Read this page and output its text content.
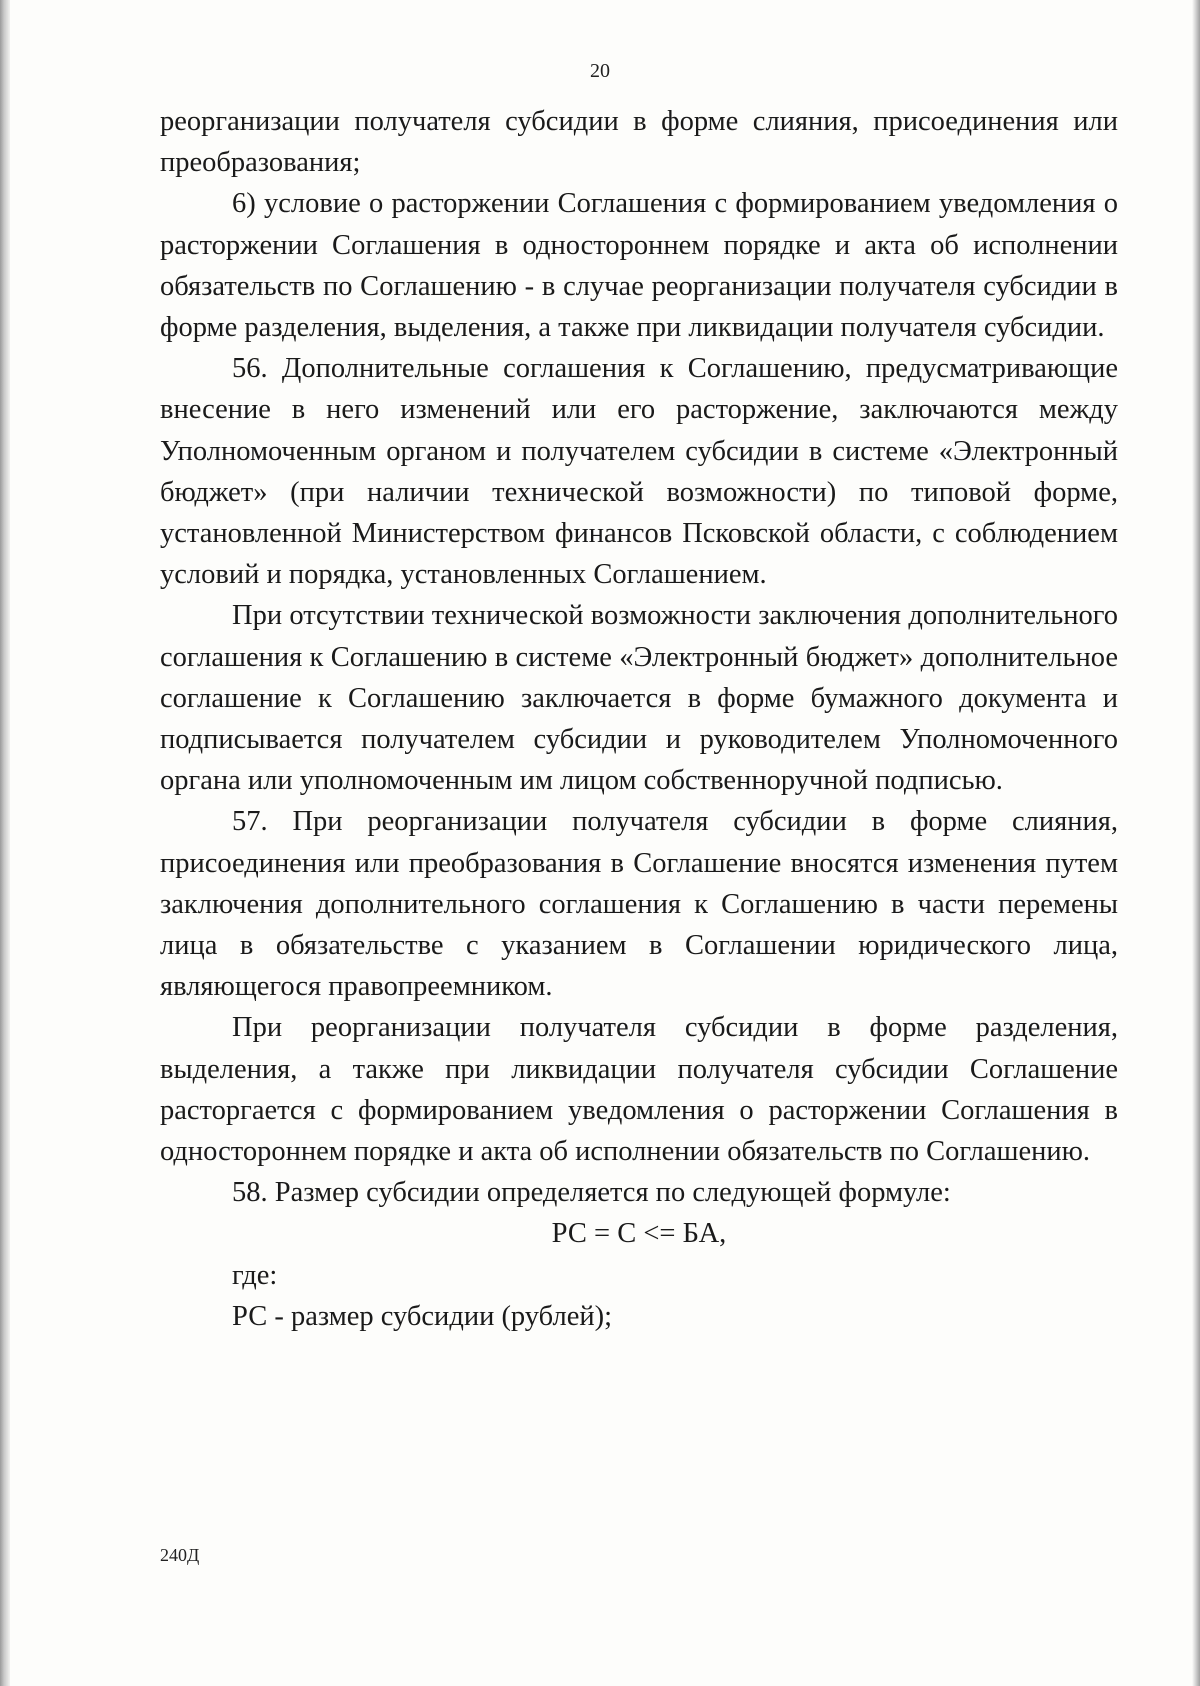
20

реорганизации получателя субсидии в форме слияния, присоединения или преобразования;

6) условие о расторжении Соглашения с формированием уведомления о расторжении Соглашения в одностороннем порядке и акта об исполнении обязательств по Соглашению - в случае реорганизации получателя субсидии в форме разделения, выделения, а также при ликвидации получателя субсидии.

56. Дополнительные соглашения к Соглашению, предусматривающие внесение в него изменений или его расторжение, заключаются между Уполномоченным органом и получателем субсидии в системе «Электронный бюджет» (при наличии технической возможности) по типовой форме, установленной Министерством финансов Псковской области, с соблюдением условий и порядка, установленных Соглашением.

При отсутствии технической возможности заключения дополнительного соглашения к Соглашению в системе «Электронный бюджет» дополнительное соглашение к Соглашению заключается в форме бумажного документа и подписывается получателем субсидии и руководителем Уполномоченного органа или уполномоченным им лицом собственноручной подписью.

57. При реорганизации получателя субсидии в форме слияния, присоединения или преобразования в Соглашение вносятся изменения путем заключения дополнительного соглашения к Соглашению в части перемены лица в обязательстве с указанием в Соглашении юридического лица, являющегося правопреемником.

При реорганизации получателя субсидии в форме разделения, выделения, а также при ликвидации получателя субсидии Соглашение расторгается с формированием уведомления о расторжении Соглашения в одностороннем порядке и акта об исполнении обязательств по Соглашению.

58. Размер субсидии определяется по следующей формуле:

РС = С <= БА,

где:

РС - размер субсидии (рублей);

240Д
